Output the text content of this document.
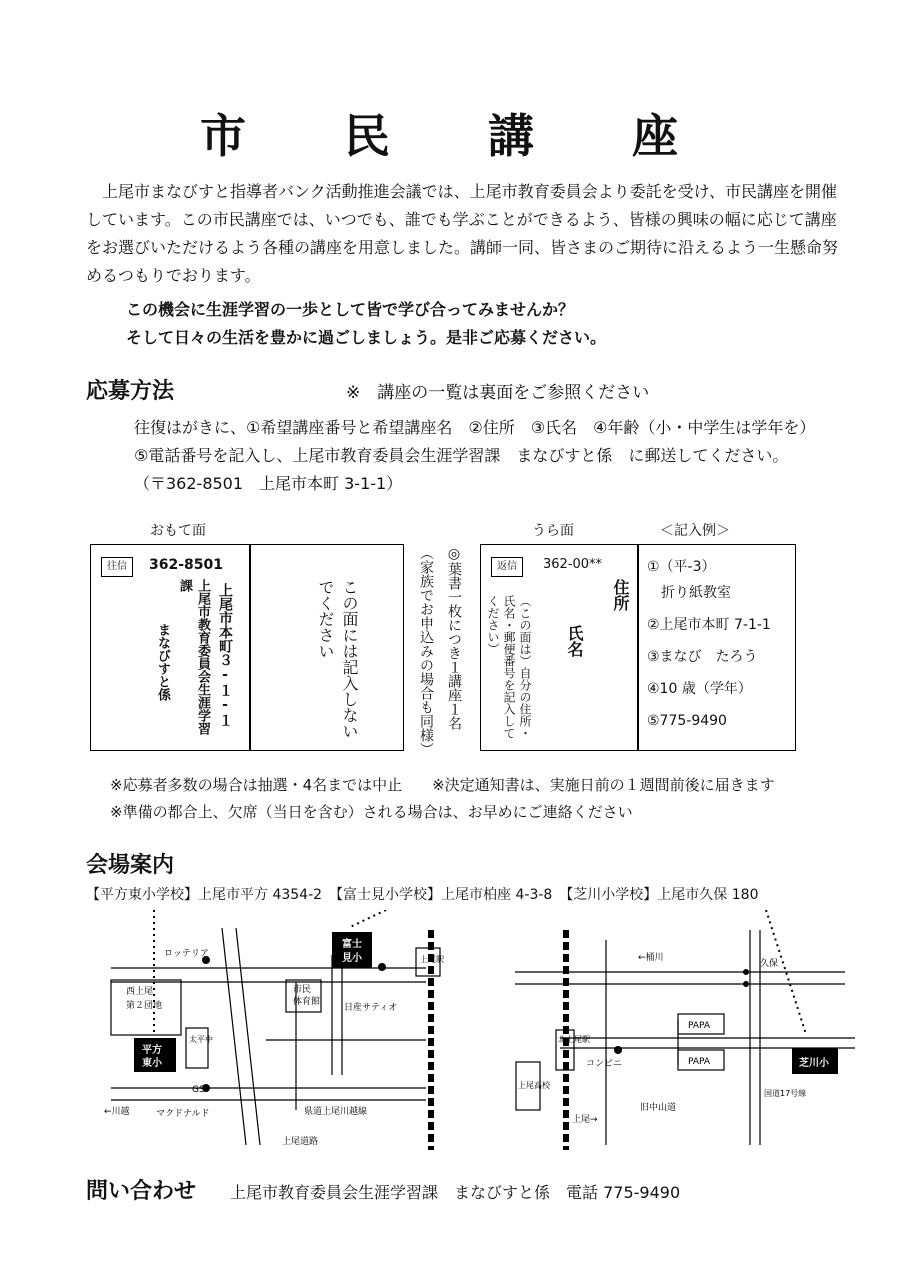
市　民　講　座
上尾市まなびすと指導者バンク活動推進会議では、上尾市教育委員会より委託を受け、市民講座を開催
しています。この市民講座では、いつでも、誰でも学ぶことができるよう、皆様の興味の幅に応じて講座
をお選びいただけるよう各種の講座を用意しました。講師一同、皆さまのご期待に沿えるよう一生懸命努
めるつもりでおります。
この機会に生涯学習の一歩として皆で学び合ってみませんか？
そして日々の生活を豊かに過ごしましょう。是非ご応募ください。
応募方法	※　講座の一覧は裏面をご参照ください
往復はがきに、①希望講座番号と希望講座名　②住所　③氏名　④年齢（小・中学生は学年を）
⑤電話番号を記入し、上尾市教育委員会生涯学習課　まなびすと係　に郵送してください。
（〒362-8501　上尾市本町 3-1-1）
おもて面	うら面	＜記入例＞
往信	362-8501
上尾市本町３-１-１
上尾市教育委員会生涯学習課
まなびすと係	この面には記入しないでください	◎葉書一枚につき１講座１名
（家族でお申込みの場合も同様）	返信	362-00**
住所
氏名
（この面は）自分の住所・氏名・郵便番号を記入してください）
①（平-3）
折り紙教室
②上尾市本町 7-1-1
③まなび　たろう
④10 歳（学年）
⑤775-9490
※応募者多数の場合は抽選・4名までは中止　　※決定通知書は、実施日前の１週間前後に届きます
※準備の都合上、欠席（当日を含む）される場合は、お早めにご連絡ください
会場案内
【平方東小学校】上尾市平方 4354-2　【富士見小学校】上尾市柏座 4-3-8　【芝川小学校】上尾市久保 180
ロッテリア
富士
見小	上尾駅
市民
体育館
日産サティオ
西上尾
第２団地
平方
東小
太平中
GS
←川越	マクドナルド	県道上尾川越線
上尾道路
←桶川
久保
北上尾駅
PAPA
PAPA
コンビニ
上尾高校
上尾→
旧中山道
国道17号線
芝川小
問い合わせ 上尾市教育委員会生涯学習課　まなびすと係　電話 775-9490
